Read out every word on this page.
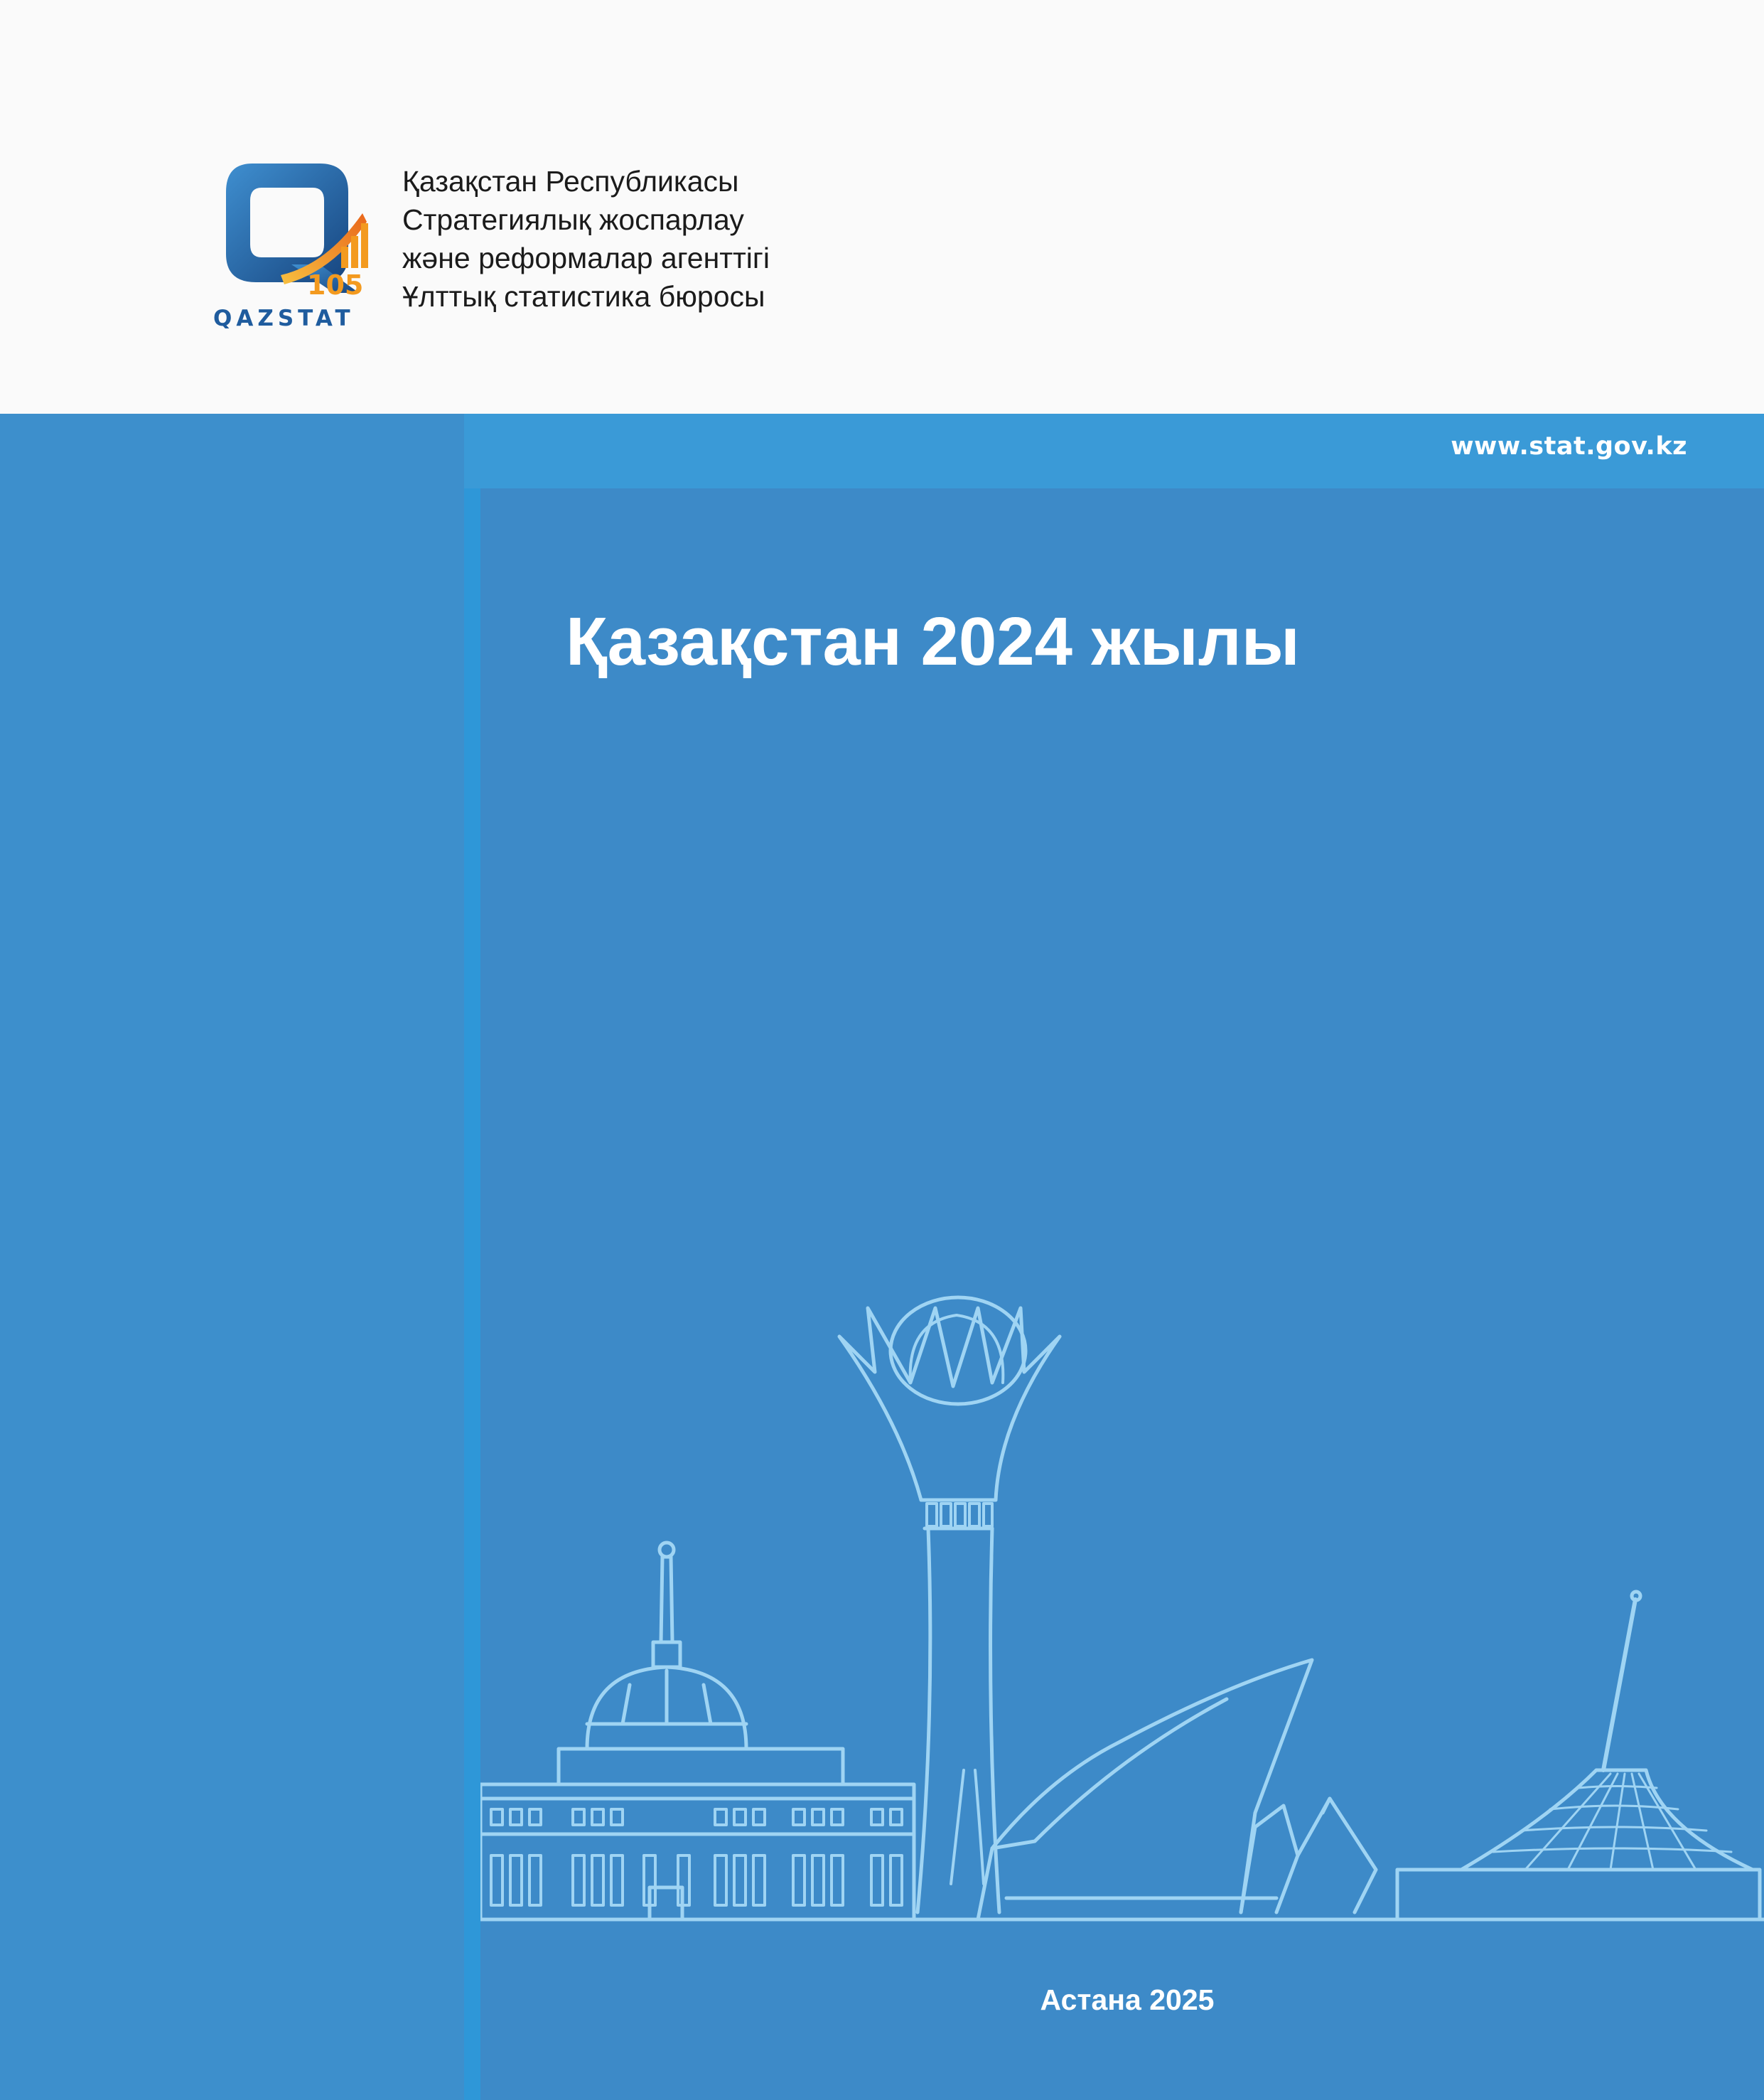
105
QAZSTAT
Қазақстан Республикасы
Стратегиялық жоспарлау
және реформалар агенттігі
Ұлттық статистика бюросы
www.stat.gov.kz
Қазақстан 2024 жылы
Астана 2025
